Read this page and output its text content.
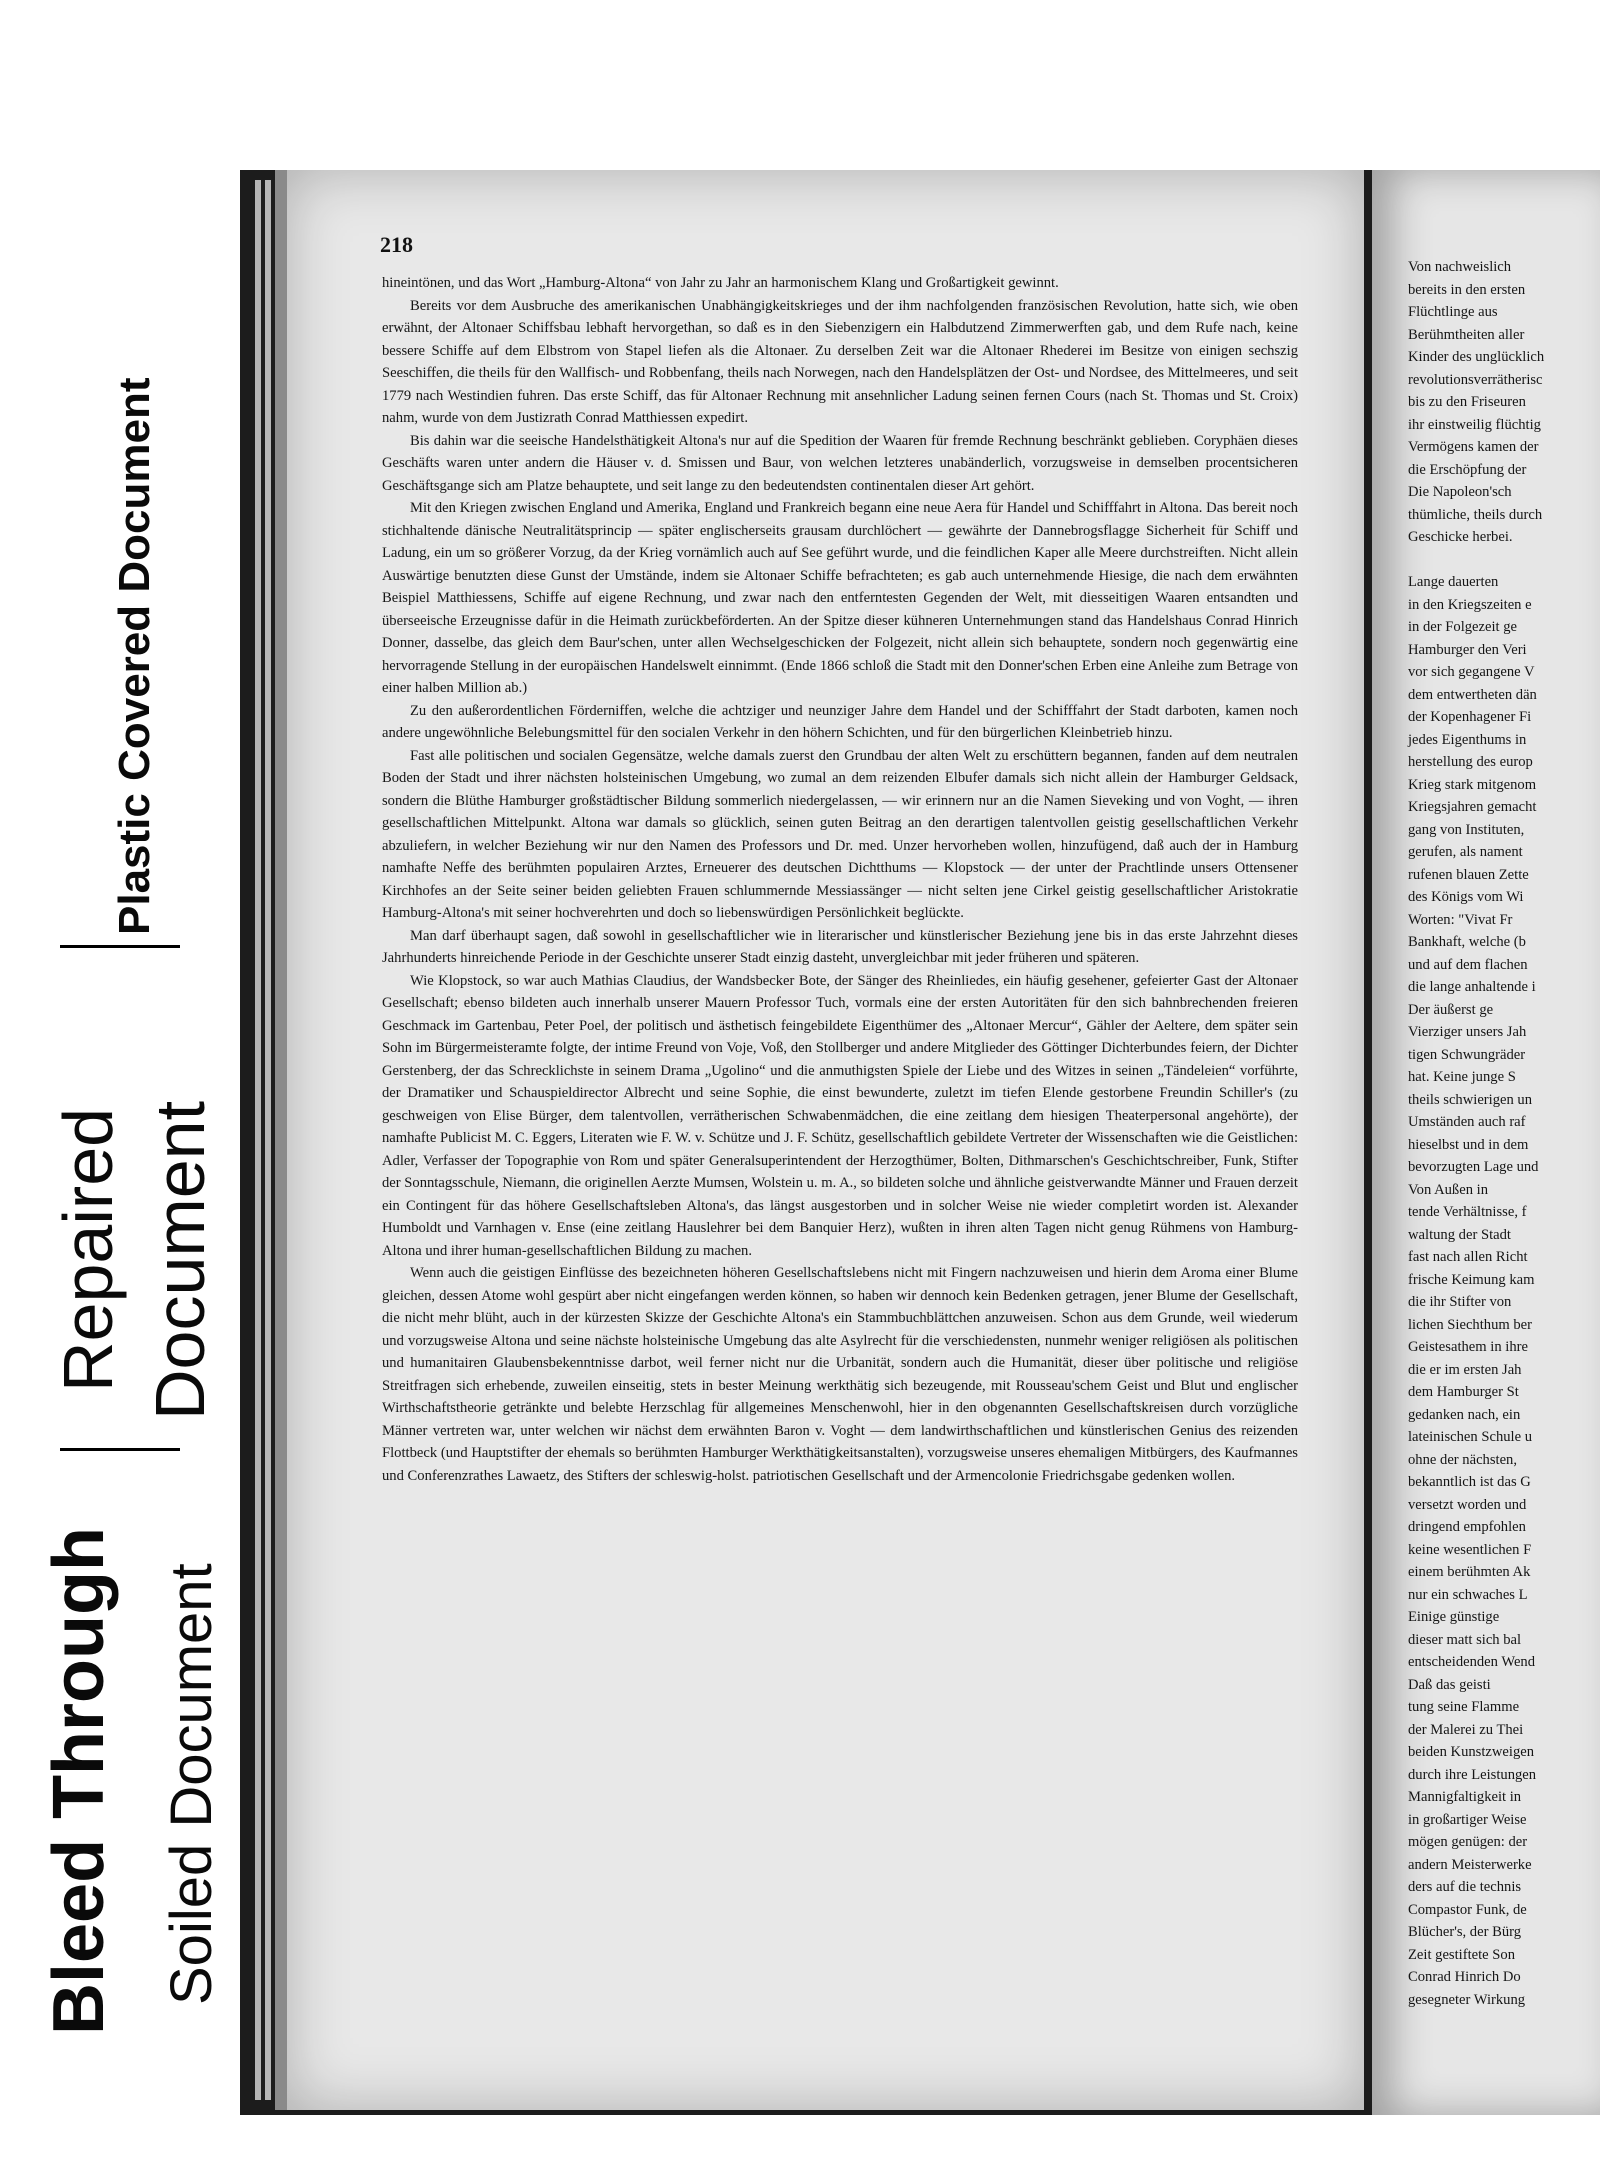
Plastic Covered Document
Repaired Document
Bleed Through Soiled Document
218

hineintönen, und das Wort „Hamburg-Altona“ von Jahr zu Jahr an harmonischem Klang und Großartigkeit gewinnt.

Bereits vor dem Ausbruche des amerikanischen Unabhängigkeitskrieges und der ihm nachfolgenden französischen Revolution, hatte sich, wie oben erwähnt, der Altonaer Schiffsbau lebhaft hervorgethan, so daß es in den Siebenzigern ein Halbdutzend Zimmerwerften gab, und dem Rufe nach, keine bessere Schiffe auf dem Elbstrom von Stapel liefen als die Altonaer. Zu derselben Zeit war die Altonaer Rhederei im Besitze von einigen sechszig Seeschiffen, die theils für den Wallfisch- und Robbenfang, theils nach Norwegen, nach den Handelsplätzen der Ost- und Nordsee, des Mittelmeeres, und seit 1779 nach Westindien fuhren. Das erste Schiff, das für Altonaer Rechnung mit ansehnlicher Ladung seinen fernen Cours (nach St. Thomas und St. Croix) nahm, wurde von dem Justizrath Conrad Matthiessen expedirt.

Bis dahin war die seeische Handelsthätigkeit Altona's nur auf die Spedition der Waaren für fremde Rechnung beschränkt geblieben. Coryphäen dieses Geschäfts waren unter andern die Häuser v. d. Smissen und Baur, von welchen letzteres unabänderlich, vorzugsweise in demselben procentsicheren Geschäftsgange sich am Platze behauptete, und seit lange zu den bedeutendsten continentalen dieser Art gehört.

Mit den Kriegen zwischen England und Amerika, England und Frankreich begann eine neue Aera für Handel und Schifffahrt in Altona. Das bereit noch stichhaltende dänische Neutralitätsprincip — später englischerseits grausam durchlöchert — gewährte der Dannebrogsflagge Sicherheit für Schiff und Ladung, ein um so größerer Vorzug, da der Krieg vornämlich auch auf See geführt wurde, und die feindlichen Kaper alle Meere durchstreiften. Nicht allein Auswärtige benutzten diese Gunst der Umstände, indem sie Altonaer Schiffe befrachteten; es gab auch unternehmende Hiesige, die nach dem erwähnten Beispiel Matthiessens, Schiffe auf eigene Rechnung, und zwar nach den entferntesten Gegenden der Welt, mit diesseitigen Waaren entsandten und überseeische Erzeugnisse dafür in die Heimath zurückbeförderten. An der Spitze dieser kühneren Unternehmungen stand das Handelshaus Conrad Hinrich Donner, dasselbe, das gleich dem Baur'schen, unter allen Wechselgeschicken der Folgezeit, nicht allein sich behauptete, sondern noch gegenwärtig eine hervorragende Stellung in der europäischen Handelswelt einnimmt. (Ende 1866 schloß die Stadt mit den Donner'schen Erben eine Anleihe zum Betrage von einer halben Million ab.)

Zu den außerordentlichen Förderniffen, welche die achtziger und neunziger Jahre dem Handel und der Schifffahrt der Stadt darboten, kamen noch andere ungewöhnliche Belebungsmittel für den socialen Verkehr in den höhern Schichten, und für den bürgerlichen Kleinbetrieb hinzu.

Fast alle politischen und socialen Gegensätze, welche damals zuerst den Grundbau der alten Welt zu erschüttern begannen, fanden auf dem neutralen Boden der Stadt und ihrer nächsten holsteinischen Umgebung, wo zumal an dem reizenden Elbufer damals sich nicht allein der Hamburger Geldsack, sondern die Blüthe Hamburger großstädtischer Bildung sommerlich niedergelassen, — wir erinnern nur an die Namen Sieveking und von Voght, — ihren gesellschaftlichen Mittelpunkt. Altona war damals so glücklich, seinen guten Beitrag an den derartigen talentvollen geistig gesellschaftlichen Verkehr abzuliefern, in welcher Beziehung wir nur den Namen des Professors und Dr. med. Unzer hervorheben wollen, hinzufügend, daß auch der in Hamburg namhafte Neffe des berühmten populairen Arztes, Erneuerer des deutschen Dichtthums — Klopstock — der unter der Prachtlinde unsers Ottensener Kirchhofes an der Seite seiner beiden geliebten Frauen schlummernde Messiassänger — nicht selten jene Cirkel geistig gesellschaftlicher Aristokratie Hamburg-Altona's mit seiner hochverehrten und doch so liebenswürdigen Persönlichkeit beglückte.

Man darf überhaupt sagen, daß sowohl in gesellschaftlicher wie in literarischer und künstlerischer Beziehung jene bis in das erste Jahrzehnt dieses Jahrhunderts hinreichende Periode in der Geschichte unserer Stadt einzig dasteht, unvergleichbar mit jeder früheren und späteren.

Wie Klopstock, so war auch Mathias Claudius, der Wandsbecker Bote, der Sänger des Rheinliedes, ein häufig gesehener, gefeierter Gast der Altonaer Gesellschaft; ebenso bildeten auch innerhalb unserer Mauern Professor Tuch, vormals eine der ersten Autoritäten für den sich bahnbrechenden freieren Geschmack im Gartenbau, Peter Poel, der politisch und ästhetisch feingebildete Eigenthümer des „Altonaer Mercur“, Gähler der Aeltere, dem später sein Sohn im Bürgermeisteramte folgte, der intime Freund von Voje, Voß, den Stollberger und andere Mitglieder des Göttinger Dichterbundes feiern, der Dichter Gerstenberg, der das Schrecklichste in seinem Drama „Ugolino“ und die anmuthigsten Spiele der Liebe und des Witzes in seinen „Tändeleien“ vorführte, der Dramatiker und Schauspieldirector Albrecht und seine Sophie, die einst bewunderte, zuletzt im tiefen Elende gestorbene Freundin Schiller's (zu geschweigen von Elise Bürger, dem talentvollen, verrätherischen Schwabenmädchen, die eine zeitlang dem hiesigen Theaterpersonal angehörte), der namhafte Publicist M. C. Eggers, Literaten wie F. W. v. Schütze und J. F. Schütz, gesellschaftlich gebildete Vertreter der Wissenschaften wie die Geistlichen: Adler, Verfasser der Topographie von Rom und später Generalsuperintendent der Herzogthümer, Bolten, Dithmarschen's Geschichtschreiber, Funk, Stifter der Sonntagsschule, Niemann, die originellen Aerzte Mumsen, Wolstein u. m. A., so bildeten solche und ähnliche geistverwandte Männer und Frauen derzeit ein Contingent für das höhere Gesellschaftsleben Altona's, das längst ausgestorben und in solcher Weise nie wieder completirt worden ist. Alexander Humboldt und Varnhagen v. Ense (eine zeitlang Hauslehrer bei dem Banquier Herz), wußten in ihren alten Tagen nicht genug Rühmens von Hamburg-Altona und ihrer human-gesellschaftlichen Bildung zu machen.

Wenn auch die geistigen Einflüsse des bezeichneten höheren Gesellschaftslebens nicht mit Fingern nachzuweisen und hierin dem Aroma einer Blume gleichen, dessen Atome wohl gespürt aber nicht eingefangen werden können, so haben wir dennoch kein Bedenken getragen, jener Blume der Gesellschaft, die nicht mehr blüht, auch in der kürzesten Skizze der Geschichte Altona's ein Stammbuchblättchen anzuweisen. Schon aus dem Grunde, weil wiederum und vorzugsweise Altona und seine nächste holsteinische Umgebung das alte Asylrecht für die verschiedensten, nunmehr weniger religiösen als politischen und humanitairen Glaubensbekenntnisse darbot, weil ferner nicht nur die Urbanität, sondern auch die Humanität, dieser über politische und religiöse Streitfragen sich erhebende, zuweilen einseitig, stets in bester Meinung werkthätig sich bezeugende, mit Rousseau'schem Geist und Blut und englischer Wirthschaftstheorie getränkte und belebte Herzschlag für allgemeines Menschenwohl, hier in den obgenannten Gesellschaftskreisen durch vorzügliche Männer vertreten war, unter welchen wir nächst dem erwähnten Baron v. Voght — dem landwirthschaftlichen und künstlerischen Genius des reizenden Flottbeck (und Hauptstifter der ehemals so berühmten Hamburger Werkthätigkeitsanstalten), vorzugsweise unseres ehemaligen Mitbürgers, des Kaufmannes und Conferenzrathes Lawaetz, des Stifters der schleswig-holst. patriotischen Gesellschaft und der Armencolonie Friedrichsgabe gedenken wollen.

Von nachweislich
bereits in den ersten
Flüchtlinge aus
Berühmtheiten aller
Kinder des unglücklich
revolutionsverrätherisc
bis zu den Friseuren
ihr einstweilig flüchtig
Vermögens kamen der
die Erschöpfung der
Die Napoleon'sch
thümliche, theils durch
Geschicke herbei.
Lange dauerten
in den Kriegszeiten e
in der Folgezeit ge
Hamburger den Veri
vor sich gegangene V
dem entwertheten dän
der Kopenhagener Fi
jedes Eigenthums in
herstellung des europ
Krieg stark mitgenom
Kriegsjahren gemacht
gang von Instituten,
gerufen, als nament
rufenen blauen Zette
des Königs vom Wi
Worten: "Vivat Fr
Bankhaft, welche (b
und auf dem flachen
die lange anhaltende i
Der äußerst ge
Vierziger unsers Jah
tigen Schwungräder
hat. Keine junge S
theils schwierigen un
Umständen auch raf
hieselbst und in dem
bevorzugten Lage und
Von Außen in
tende Verhältnisse, f
waltung der Stadt
fast nach allen Richt
frische Keimung kam
die ihr Stifter von
lichen Siechthum ber
Geistesathem in ihre
die er im ersten Jah
dem Hamburger St
gedanken nach, ein
lateinischen Schule u
ohne der nächsten,
bekanntlich ist das G
versetzt worden und
dringend empfohlen
keine wesentlichen F
einem berühmten Ak
nur ein schwaches L
Einige günstige
dieser matt sich bal
entscheidenden Wend
Daß das geisti
tung seine Flamme
der Malerei zu Thei
beiden Kunstzweigen
durch ihre Leistungen
Mannigfaltigkeit in
in großartiger Weise
mögen genügen: der
andern Meisterwerke
ders auf die technis
Compastor Funk, de
Blücher's, der Bürg
Zeit gestiftete Son
Conrad Hinrich Do
gesegneter Wirkung
